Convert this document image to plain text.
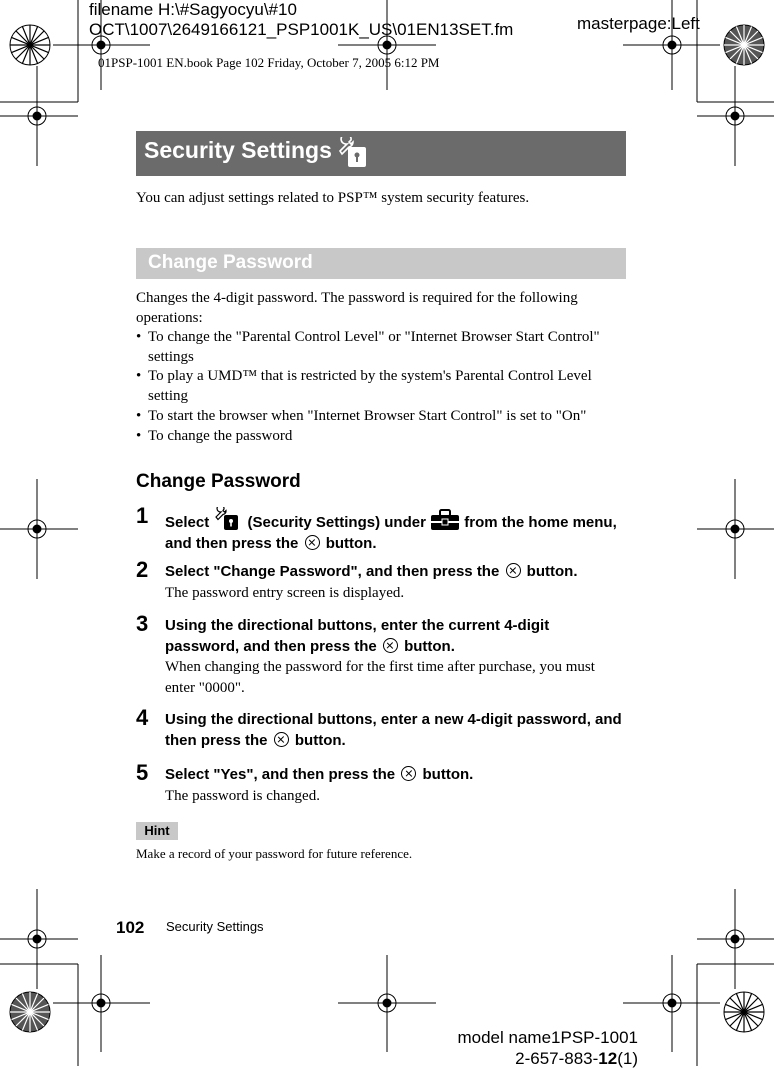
filename H:\#Sagyocyu\#10
OCT\1007\2649166121_PSP1001K_US\01EN13SET.fm	masterpage:Left
01PSP-1001 EN.book Page 102 Friday, October 7, 2005 6:12 PM
Security Settings
You can adjust settings related to PSP™ system security features.
Change Password
Changes the 4-digit password. The password is required for the following operations:
• To change the "Parental Control Level" or "Internet Browser Start Control" settings
• To play a UMD™ that is restricted by the system's Parental Control Level setting
• To start the browser when "Internet Browser Start Control" is set to "On"
• To change the password
Change Password
1 Select	(Security Settings) under	from the home menu, and then press the button.
2 Select "Change Password", and then press the button.
The password entry screen is displayed.
3 Using the directional buttons, enter the current 4-digit password, and then press the button.
When changing the password for the first time after purchase, you must enter "0000".
4 Using the directional buttons, enter a new 4-digit password, and then press the button.
5 Select "Yes", and then press the button.
The password is changed.
Hint
Make a record of your password for future reference.
102 Security Settings
model name1PSP-1001
2-657-883-12(1)
